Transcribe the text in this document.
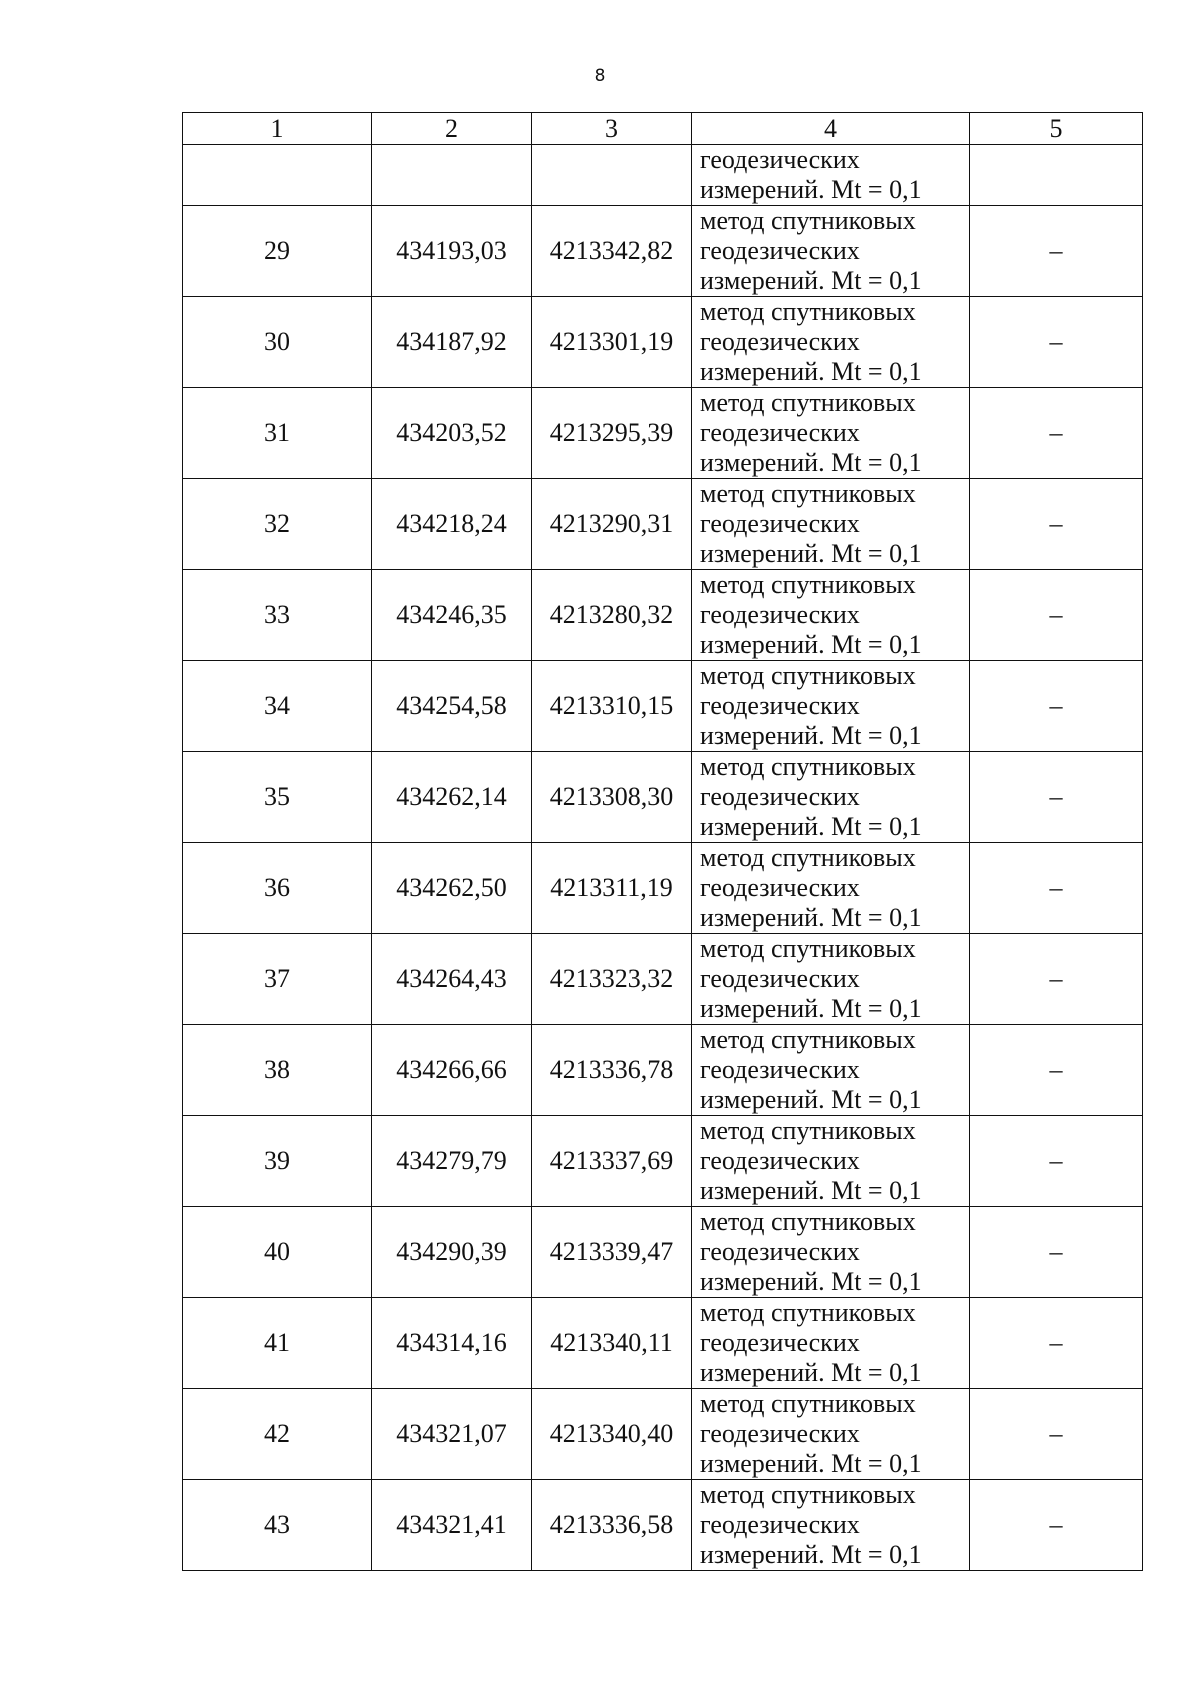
8
1	2	3	4	5

			геодезических
измерений. Mt = 0,1	

29	434193,03	4213342,82	метод спутниковых
геодезических
измерений. Mt = 0,1	–
30	434187,92	4213301,19	метод спутниковых
геодезических
измерений. Mt = 0,1	–
31	434203,52	4213295,39	метод спутниковых
геодезических
измерений. Mt = 0,1	–
32	434218,24	4213290,31	метод спутниковых
геодезических
измерений. Mt = 0,1	–
33	434246,35	4213280,32	метод спутниковых
геодезических
измерений. Mt = 0,1	–
34	434254,58	4213310,15	метод спутниковых
геодезических
измерений. Mt = 0,1	–
35	434262,14	4213308,30	метод спутниковых
геодезических
измерений. Mt = 0,1	–
36	434262,50	4213311,19	метод спутниковых
геодезических
измерений. Mt = 0,1	–
37	434264,43	4213323,32	метод спутниковых
геодезических
измерений. Mt = 0,1	–
38	434266,66	4213336,78	метод спутниковых
геодезических
измерений. Mt = 0,1	–
39	434279,79	4213337,69	метод спутниковых
геодезических
измерений. Mt = 0,1	–
40	434290,39	4213339,47	метод спутниковых
геодезических
измерений. Mt = 0,1	–
41	434314,16	4213340,11	метод спутниковых
геодезических
измерений. Mt = 0,1	–
42	434321,07	4213340,40	метод спутниковых
геодезических
измерений. Mt = 0,1	–
43	434321,41	4213336,58	метод спутниковых
геодезических
измерений. Mt = 0,1	–
